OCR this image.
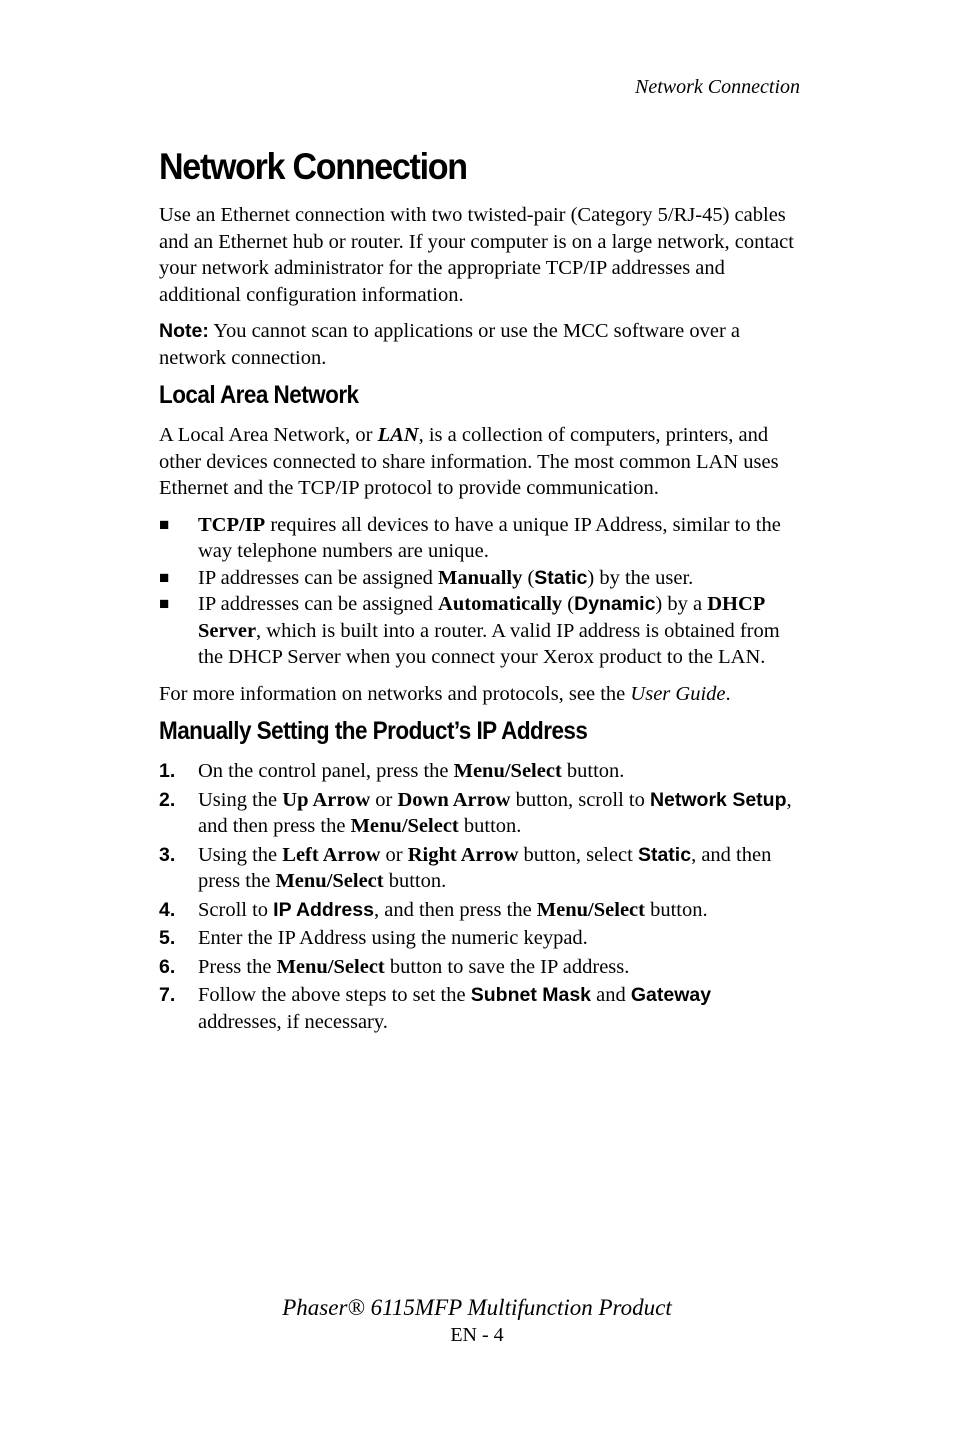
Network Connection
Network Connection

Use an Ethernet connection with two twisted-pair (Category 5/RJ-45) cables and an Ethernet hub or router. If your computer is on a large network, contact your network administrator for the appropriate TCP/IP addresses and additional configuration information.

Note: You cannot scan to applications or use the MCC software over a network connection.

Local Area Network

A Local Area Network, or LAN, is a collection of computers, printers, and other devices connected to share information. The most common LAN uses Ethernet and the TCP/IP protocol to provide communication.

■ TCP/IP requires all devices to have a unique IP Address, similar to the way telephone numbers are unique.
■ IP addresses can be assigned Manually (Static) by the user.
■ IP addresses can be assigned Automatically (Dynamic) by a DHCP Server, which is built into a router. A valid IP address is obtained from the DHCP Server when you connect your Xerox product to the LAN.

For more information on networks and protocols, see the User Guide.

Manually Setting the Product’s IP Address
1. On the control panel, press the Menu/Select button.
2. Using the Up Arrow or Down Arrow button, scroll to Network Setup, and then press the Menu/Select button.
3. Using the Left Arrow or Right Arrow button, select Static, and then press the Menu/Select button.
4. Scroll to IP Address, and then press the Menu/Select button.
5. Enter the IP Address using the numeric keypad.
6. Press the Menu/Select button to save the IP address.
7. Follow the above steps to set the Subnet Mask and Gateway addresses, if necessary.
Phaser® 6115MFP Multifunction Product
EN - 4
